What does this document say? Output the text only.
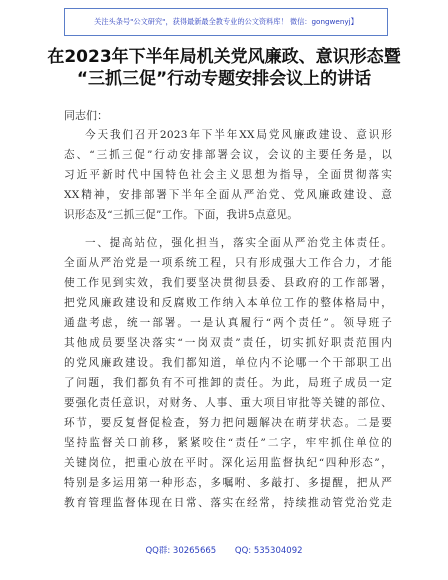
关注头条号"公文研究"，获得最新最全教专业的公文资料库！ 微信：gongwenyj】
在2023年下半年局机关党风廉政、意识形态暨
“三抓三促”行动专题安排会议上的讲话
同志们：
今天我们召开2023年下半年XX局党风廉政建设、意识形
态、“三抓三促”行动安排部署会议，会议的主要任务是，以
习近平新时代中国特色社会主义思想为指导，全面贯彻落实
XX精神，安排部署下半年全面从严治党、党风廉政建设、意
识形态及“三抓三促”工作。下面，我讲5点意见。
一、提高站位，强化担当，落实全面从严治党主体责任。
全面从严治党是一项系统工程，只有形成强大工作合力，才能
使工作见到实效，我们要坚决贯彻县委、县政府的工作部署，
把党风廉政建设和反腐败工作纳入本单位工作的整体格局中，
通盘考虑，统一部署。一是认真履行“两个责任”。领导班子
其他成员要坚决落实“一岗双责”责任，切实抓好职责范围内
的党风廉政建设。我们都知道，单位内不论哪一个干部职工出
了问题，我们都负有不可推卸的责任。为此，局班子成员一定
要强化责任意识，对财务、人事、重大项目审批等关键的部位、
环节，要反复督促检查，努力把问题解决在萌芽状态。二是要
坚持监督关口前移，紧紧咬住“责任”二字，牢牢抓住单位的
关键岗位，把重心放在平时。深化运用监督执纪“四种形态”，
特别是多运用第一种形态，多嘱咐、多敲打、多提醒，把从严
教育管理监督体现在日常、落实在经常，持续推动管党治党走
QQ群: 30265665 QQ: 535304092
